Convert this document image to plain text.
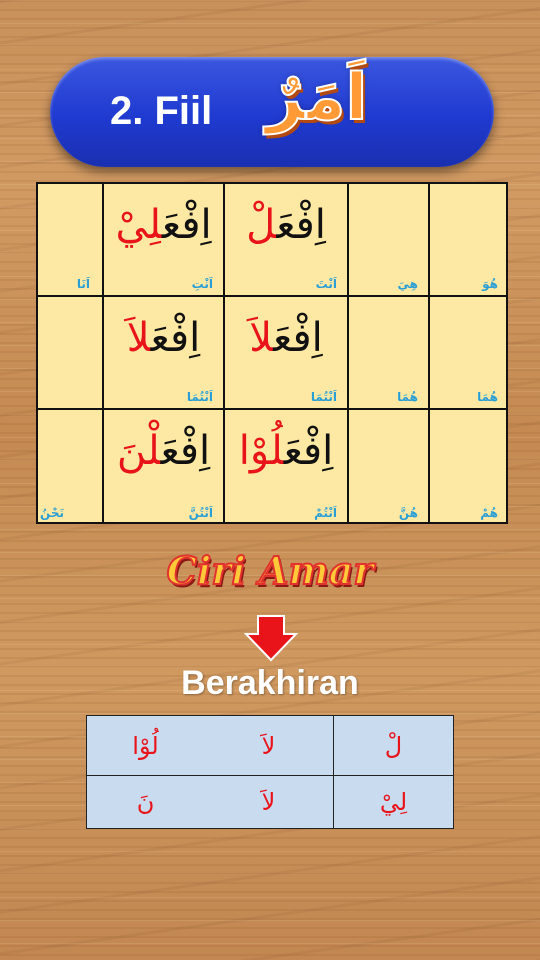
2. Fiil اَمَرٌ
هُوَ
هِيَ
اِفْعَلْ
اَنْتَ
اِفْعَلِيْ
اَنْتِ
اَنَا
هُمَا
هُمَا
اِفْعَلاَ
اَنْتُمَا
اِفْعَلاَ
اَنْتُمَا
هُمْ
هُنَّ
اِفْعَلُوْا
اَنْتُمْ
اِفْعَلْنَ
اَنْتُنَّ
نَحْنُ
Ciri Amar
Berakhiran
لْ
لاَ
لُوْا
لِيْ
لاَ
نَ
